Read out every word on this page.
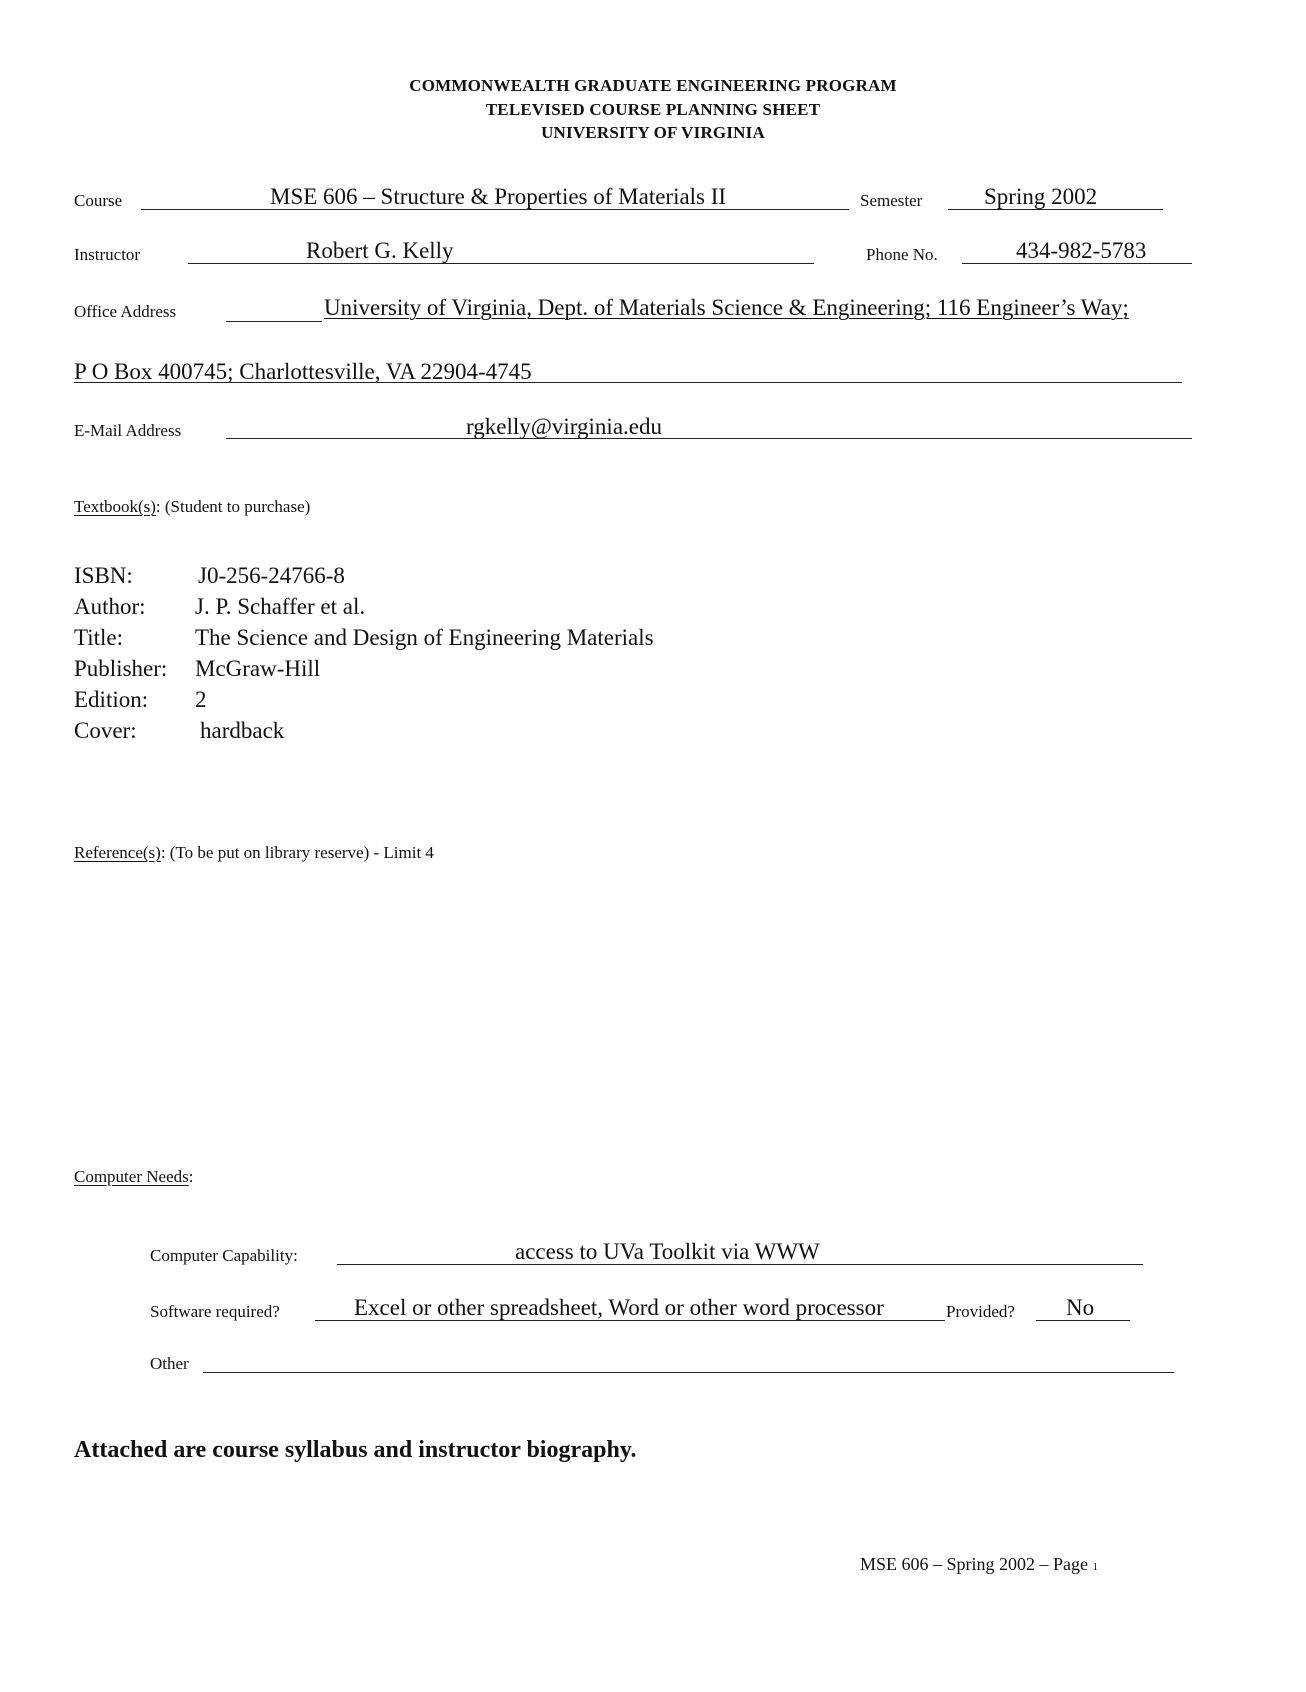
COMMONWEALTH GRADUATE ENGINEERING PROGRAM
TELEVISED COURSE PLANNING SHEET
UNIVERSITY OF VIRGINIA
Course	MSE 606 – Structure & Properties of Materials II	Semester	Spring 2002
Instructor	Robert G. Kelly	Phone No.	434-982-5783
Office Address	University of Virginia, Dept. of Materials Science & Engineering; 116 Engineer’s Way;
P O Box 400745; Charlottesville, VA 22904-4745
E-Mail Address	rgkelly@virginia.edu
Textbook(s): (Student to purchase)
ISBN:	J0-256-24766-8
Author: J. P. Schaffer et al.
Title:	The Science and Design of Engineering Materials
Publisher: McGraw-Hill
Edition: 2
Cover:	hardback
Reference(s): (To be put on library reserve) - Limit 4
Computer Needs:
Computer Capability:	access to UVa Toolkit via WWW
Software required?	Excel or other spreadsheet, Word or other word processor	Provided? No
Other
Attached are course syllabus and instructor biography.
MSE 606 – Spring 2002 – Page 1
